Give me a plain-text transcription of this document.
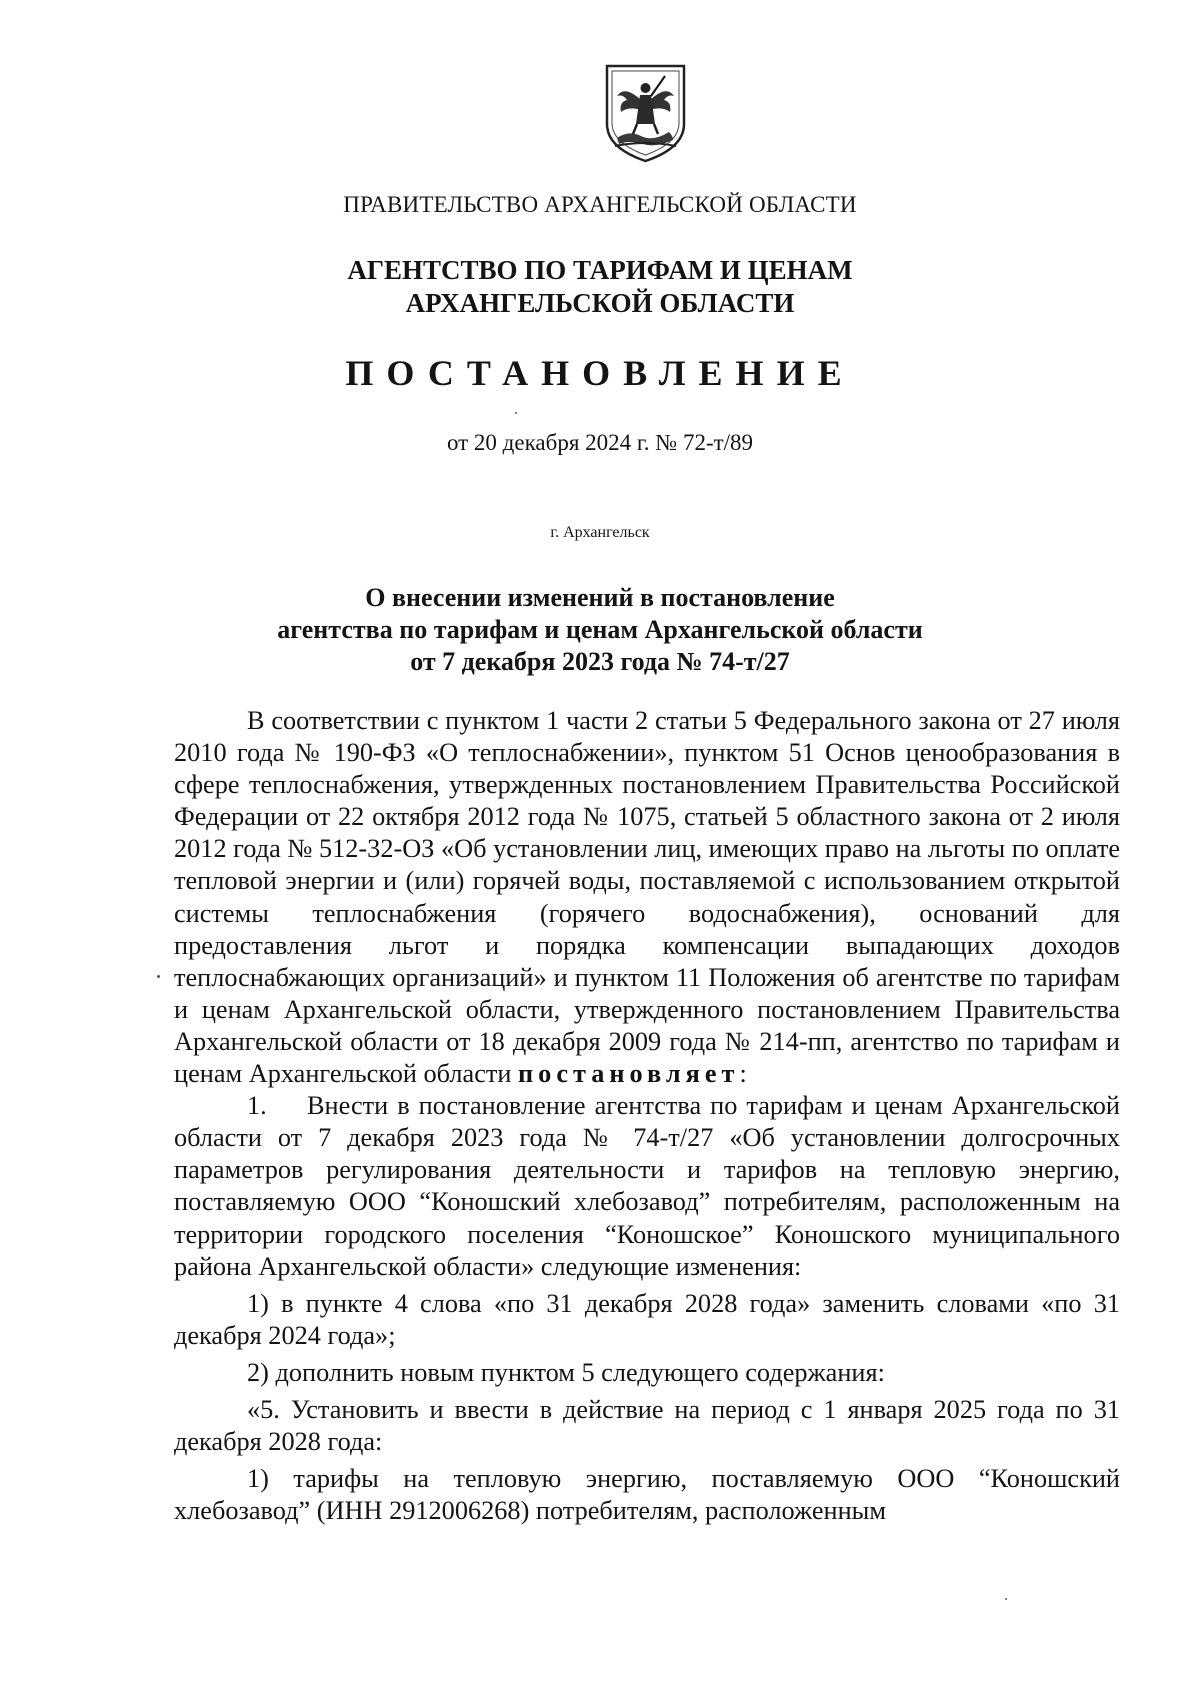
ПРАВИТЕЛЬСТВО АРХАНГЕЛЬСКОЙ ОБЛАСТИ
АГЕНТСТВО ПО ТАРИФАМ И ЦЕНАМ
АРХАНГЕЛЬСКОЙ ОБЛАСТИ
ПОСТАНОВЛЕНИЕ
от 20 декабря 2024 г. № 72-т/89
г. Архангельск
О внесении изменений в постановление
агентства по тарифам и ценам Архангельской области
от 7 декабря 2023 года № 74-т/27

В соответствии с пунктом 1 части 2 статьи 5 Федерального закона от 27 июля 2010 года № 190-ФЗ «О теплоснабжении», пунктом 51 Основ ценообразования в сфере теплоснабжения, утвержденных постановлением Правительства Российской Федерации от 22 октября 2012 года № 1075, статьей 5 областного закона от 2 июля 2012 года № 512-32-ОЗ «Об установлении лиц, имеющих право на льготы по оплате тепловой энергии и (или) горячей воды, поставляемой с использованием открытой системы теплоснабжения (горячего водоснабжения), оснований для предоставления льгот и порядка компенсации выпадающих доходов теплоснабжающих организаций» и пунктом 11 Положения об агентстве по тарифам и ценам Архангельской области, утвержденного постановлением Правительства Архангельской области от 18 декабря 2009 года № 214-пп, агентство по тарифам и ценам Архангельской области постановляет:

1. Внести в постановление агентства по тарифам и ценам Архангельской области от 7 декабря 2023 года № 74-т/27 «Об установлении долгосрочных параметров регулирования деятельности и тарифов на тепловую энергию, поставляемую ООО “Коношский хлебозавод” потребителям, расположенным на территории городского поселения “Коношское” Коношского муниципального района Архангельской области» следующие изменения:

1) в пункте 4 слова «по 31 декабря 2028 года» заменить словами «по 31 декабря 2024 года»;

2) дополнить новым пунктом 5 следующего содержания:

«5. Установить и ввести в действие на период с 1 января 2025 года по 31 декабря 2028 года:

1) тарифы на тепловую энергию, поставляемую ООО “Коношский хлебозавод” (ИНН 2912006268) потребителям, расположенным
